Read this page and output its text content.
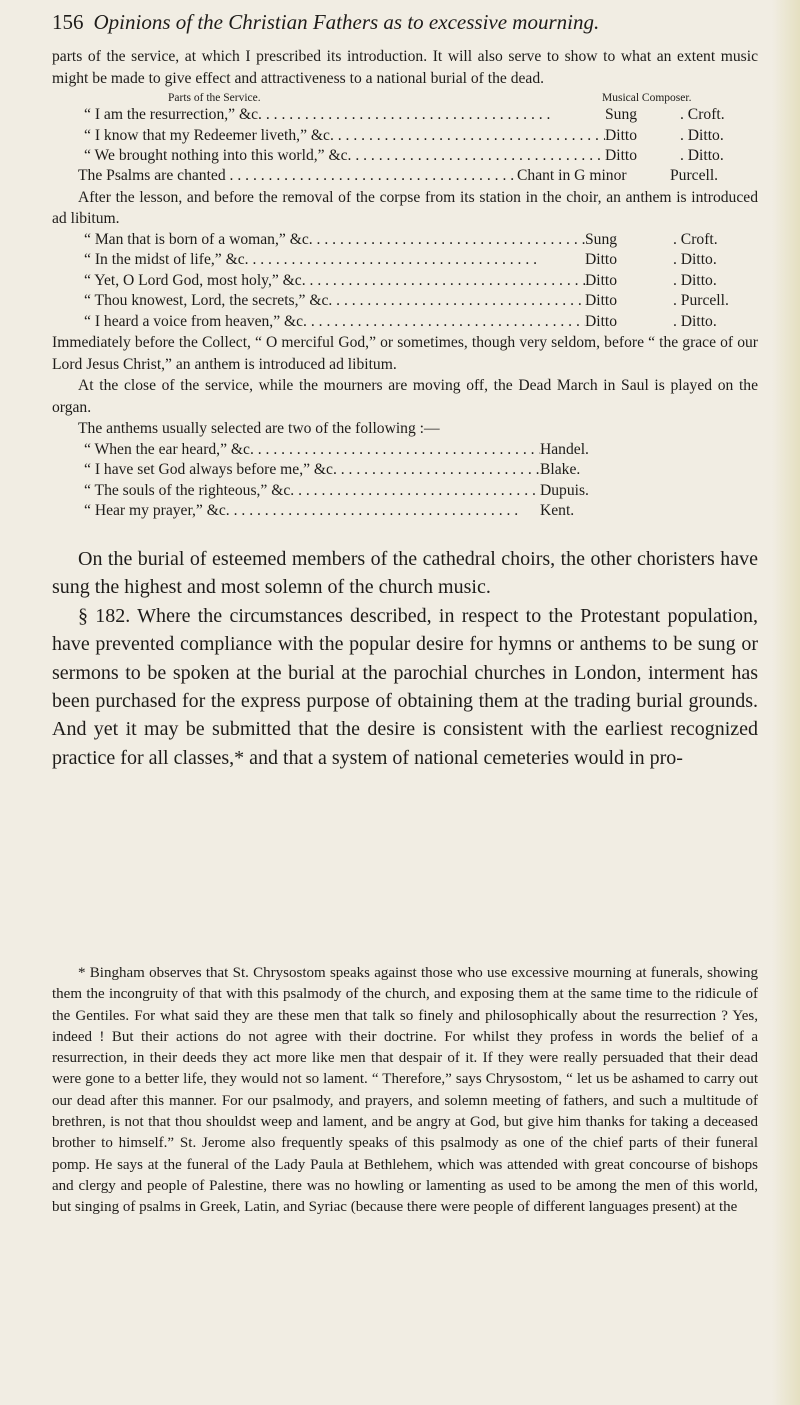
156 Opinions of the Christian Fathers as to excessive mourning.

parts of the service, at which I prescribed its introduction. It will also serve to show to what an extent music might be made to give effect and attractiveness to a national burial of the dead.

Parts of the Service.	Musical Composer.
“ I am the resurrection,” &c. . . .	Sung	. Croft.
“ I know that my Redeemer liveth,” &c. . . .	Ditto	. Ditto.
“ We brought nothing into this world,” &c. . . .	Ditto	. Ditto.
The Psalms are chanted . . .	Chant in G minor	Purcell.

After the lesson, and before the removal of the corpse from its station in the choir, an anthem is introduced ad libitum.

“ Man that is born of a woman,” &c. . . .	Sung	. Croft.
“ In the midst of life,” &c. . . .	Ditto	. Ditto.
“ Yet, O Lord God, most holy,” &c. . . .	Ditto	. Ditto.
“ Thou knowest, Lord, the secrets,” &c. . . .	Ditto	. Purcell.
“ I heard a voice from heaven,” &c. . . .	Ditto	. Ditto.

Immediately before the Collect, “ O merciful God,” or sometimes, though very seldom, before “ the grace of our Lord Jesus Christ,” an anthem is introduced ad libitum.

At the close of the service, while the mourners are moving off, the Dead March in Saul is played on the organ.

The anthems usually selected are two of the following :—

“ When the ear heard,” &c. . . .	Handel.
“ I have set God always before me,” &c. . . .	Blake.
“ The souls of the righteous,” &c. . . .	Dupuis.
“ Hear my prayer,” &c. . . .	Kent.

On the burial of esteemed members of the cathedral choirs, the other choristers have sung the highest and most solemn of the church music.

§ 182. Where the circumstances described, in respect to the Protestant population, have prevented compliance with the popular desire for hymns or anthems to be sung or sermons to be spoken at the burial at the parochial churches in London, interment has been purchased for the express purpose of obtaining them at the trading burial grounds. And yet it may be submitted that the desire is consistent with the earliest recognized practice for all classes,* and that a system of national cemeteries would in pro-

* Bingham observes that St. Chrysostom speaks against those who use excessive mourning at funerals, showing them the incongruity of that with this psalmody of the church, and exposing them at the same time to the ridicule of the Gentiles. For what said they are these men that talk so finely and philosophically about the resurrection ? Yes, indeed ! But their actions do not agree with their doctrine. For whilst they profess in words the belief of a resurrection, in their deeds they act more like men that despair of it. If they were really persuaded that their dead were gone to a better life, they would not so lament. “ Therefore,” says Chrysostom, “ let us be ashamed to carry out our dead after this manner. For our psalmody, and prayers, and solemn meeting of fathers, and such a multitude of brethren, is not that thou shouldst weep and lament, and be angry at God, but give him thanks for taking a deceased brother to himself.” St. Jerome also frequently speaks of this psalmody as one of the chief parts of their funeral pomp. He says at the funeral of the Lady Paula at Bethlehem, which was attended with great concourse of bishops and clergy and people of Palestine, there was no howling or lamenting as used to be among the men of this world, but singing of psalms in Greek, Latin, and Syriac (because there were people of different languages present) at the
